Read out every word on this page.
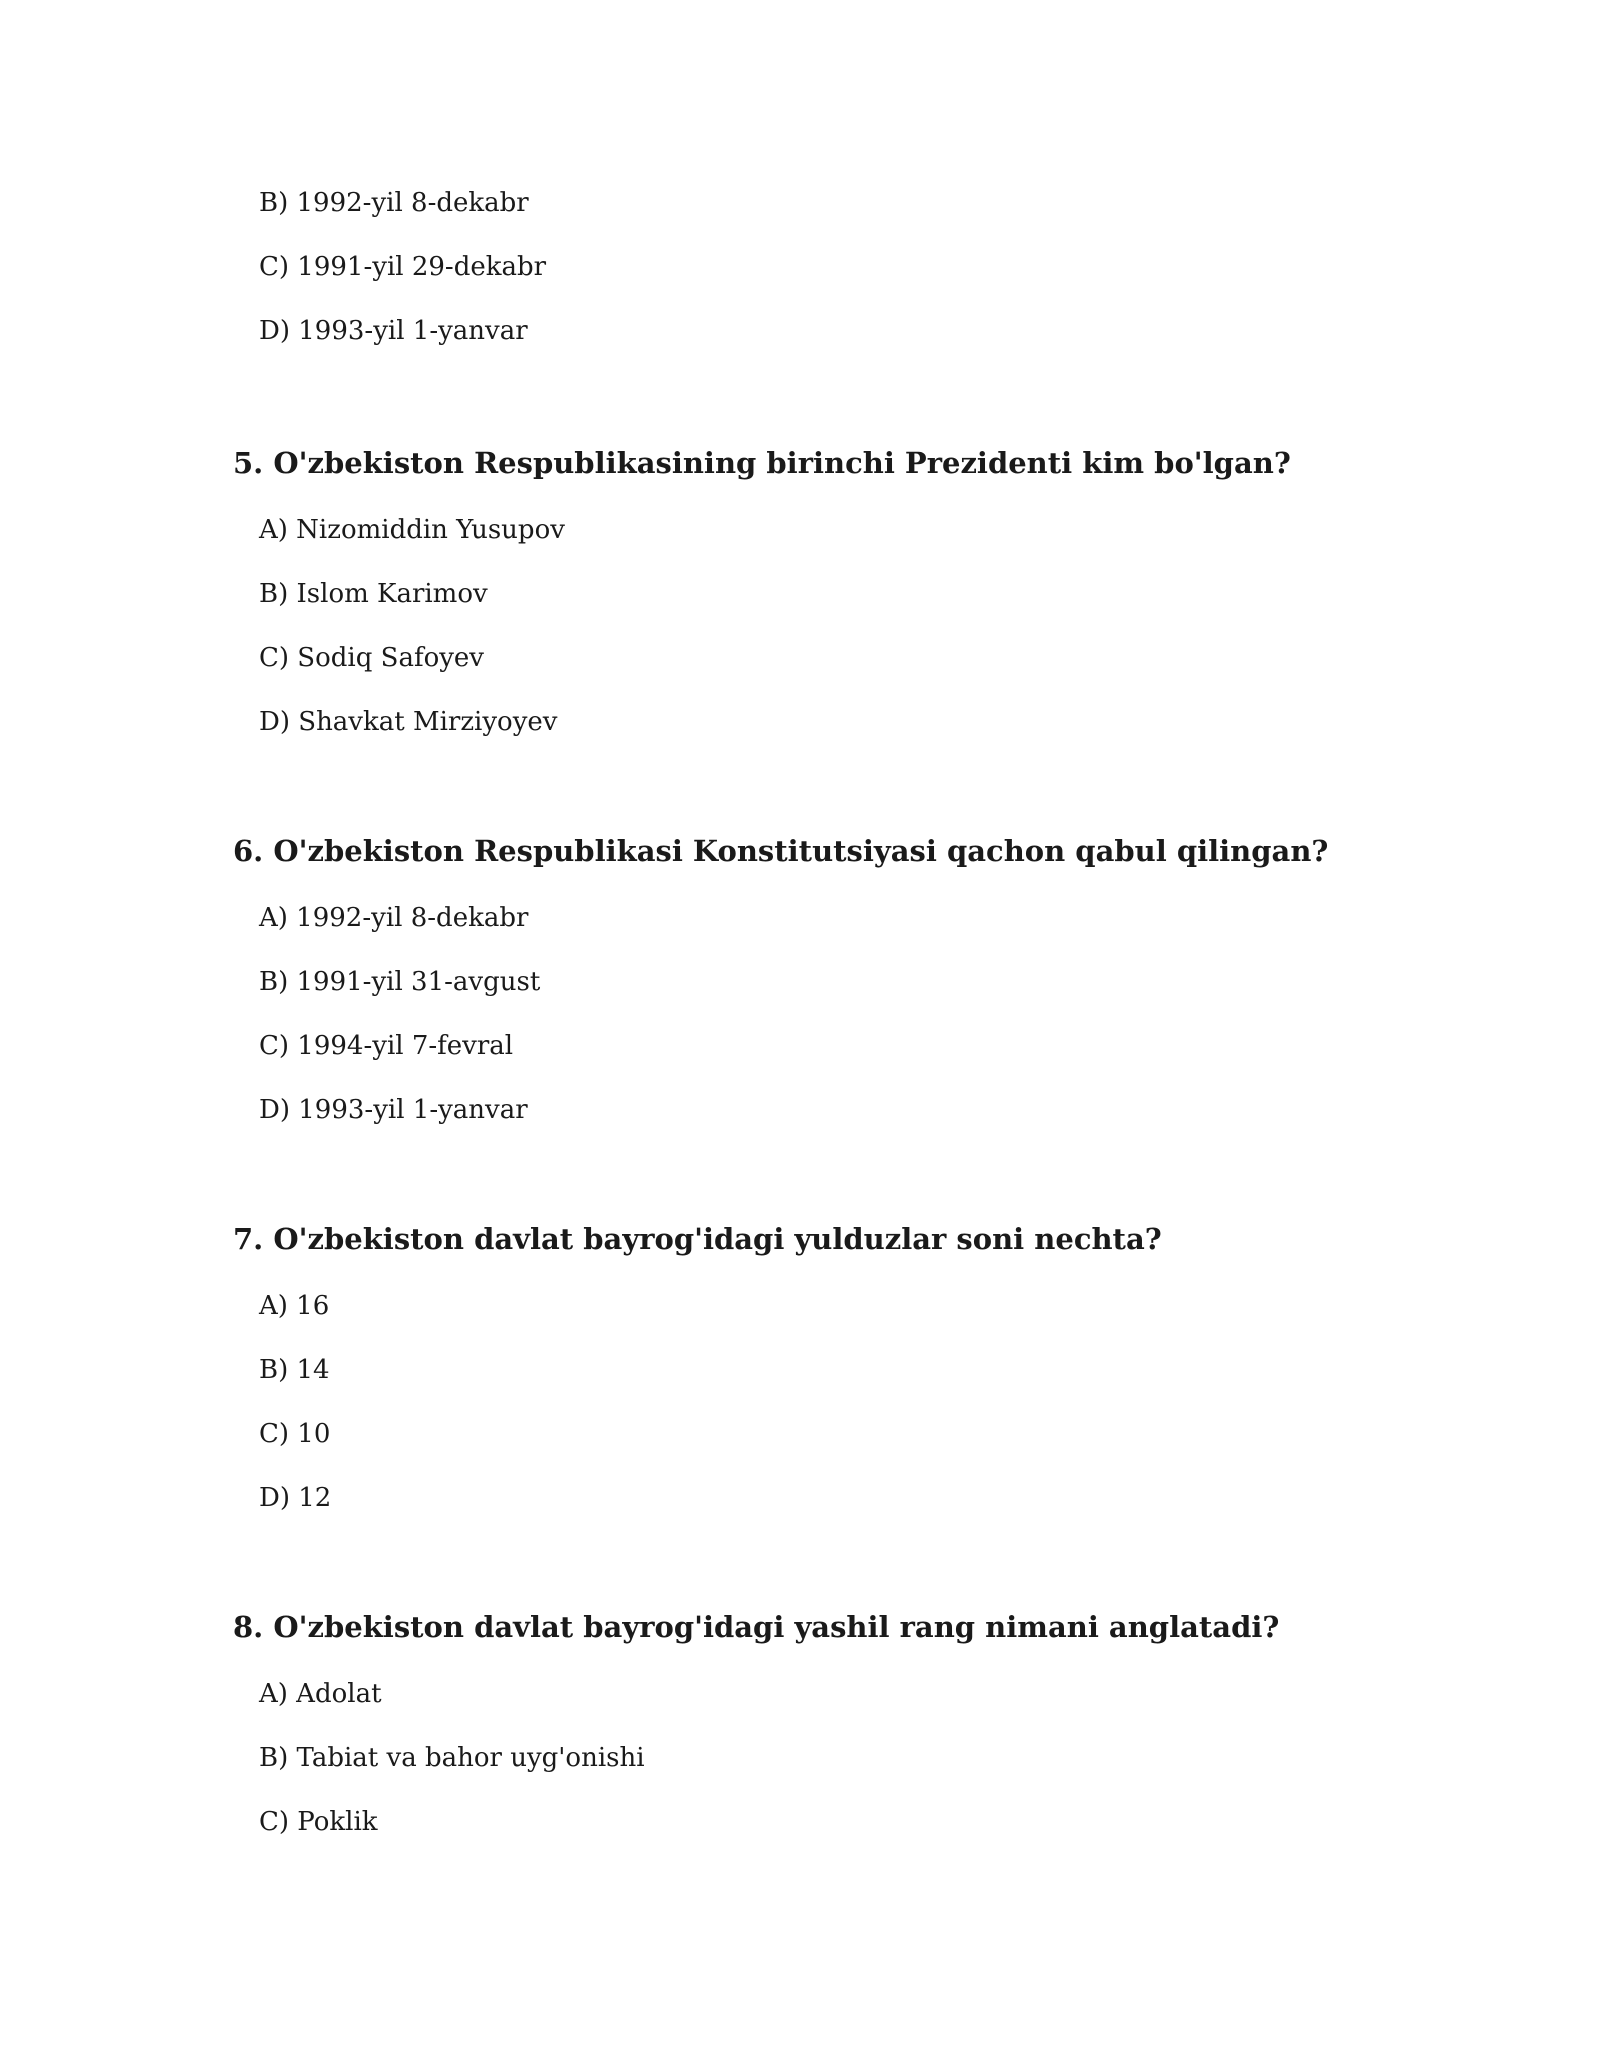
B) 1992-yil 8-dekabr
C) 1991-yil 29-dekabr
D) 1993-yil 1-yanvar
5. O'zbekiston Respublikasining birinchi Prezidenti kim bo'lgan?
A) Nizomiddin Yusupov
B) Islom Karimov
C) Sodiq Safoyev
D) Shavkat Mirziyoyev
6. O'zbekiston Respublikasi Konstitutsiyasi qachon qabul qilingan?
A) 1992-yil 8-dekabr
B) 1991-yil 31-avgust
C) 1994-yil 7-fevral
D) 1993-yil 1-yanvar
7. O'zbekiston davlat bayrog'idagi yulduzlar soni nechta?
A) 16
B) 14
C) 10
D) 12
8. O'zbekiston davlat bayrog'idagi yashil rang nimani anglatadi?
A) Adolat
B) Tabiat va bahor uyg'onishi
C) Poklik
